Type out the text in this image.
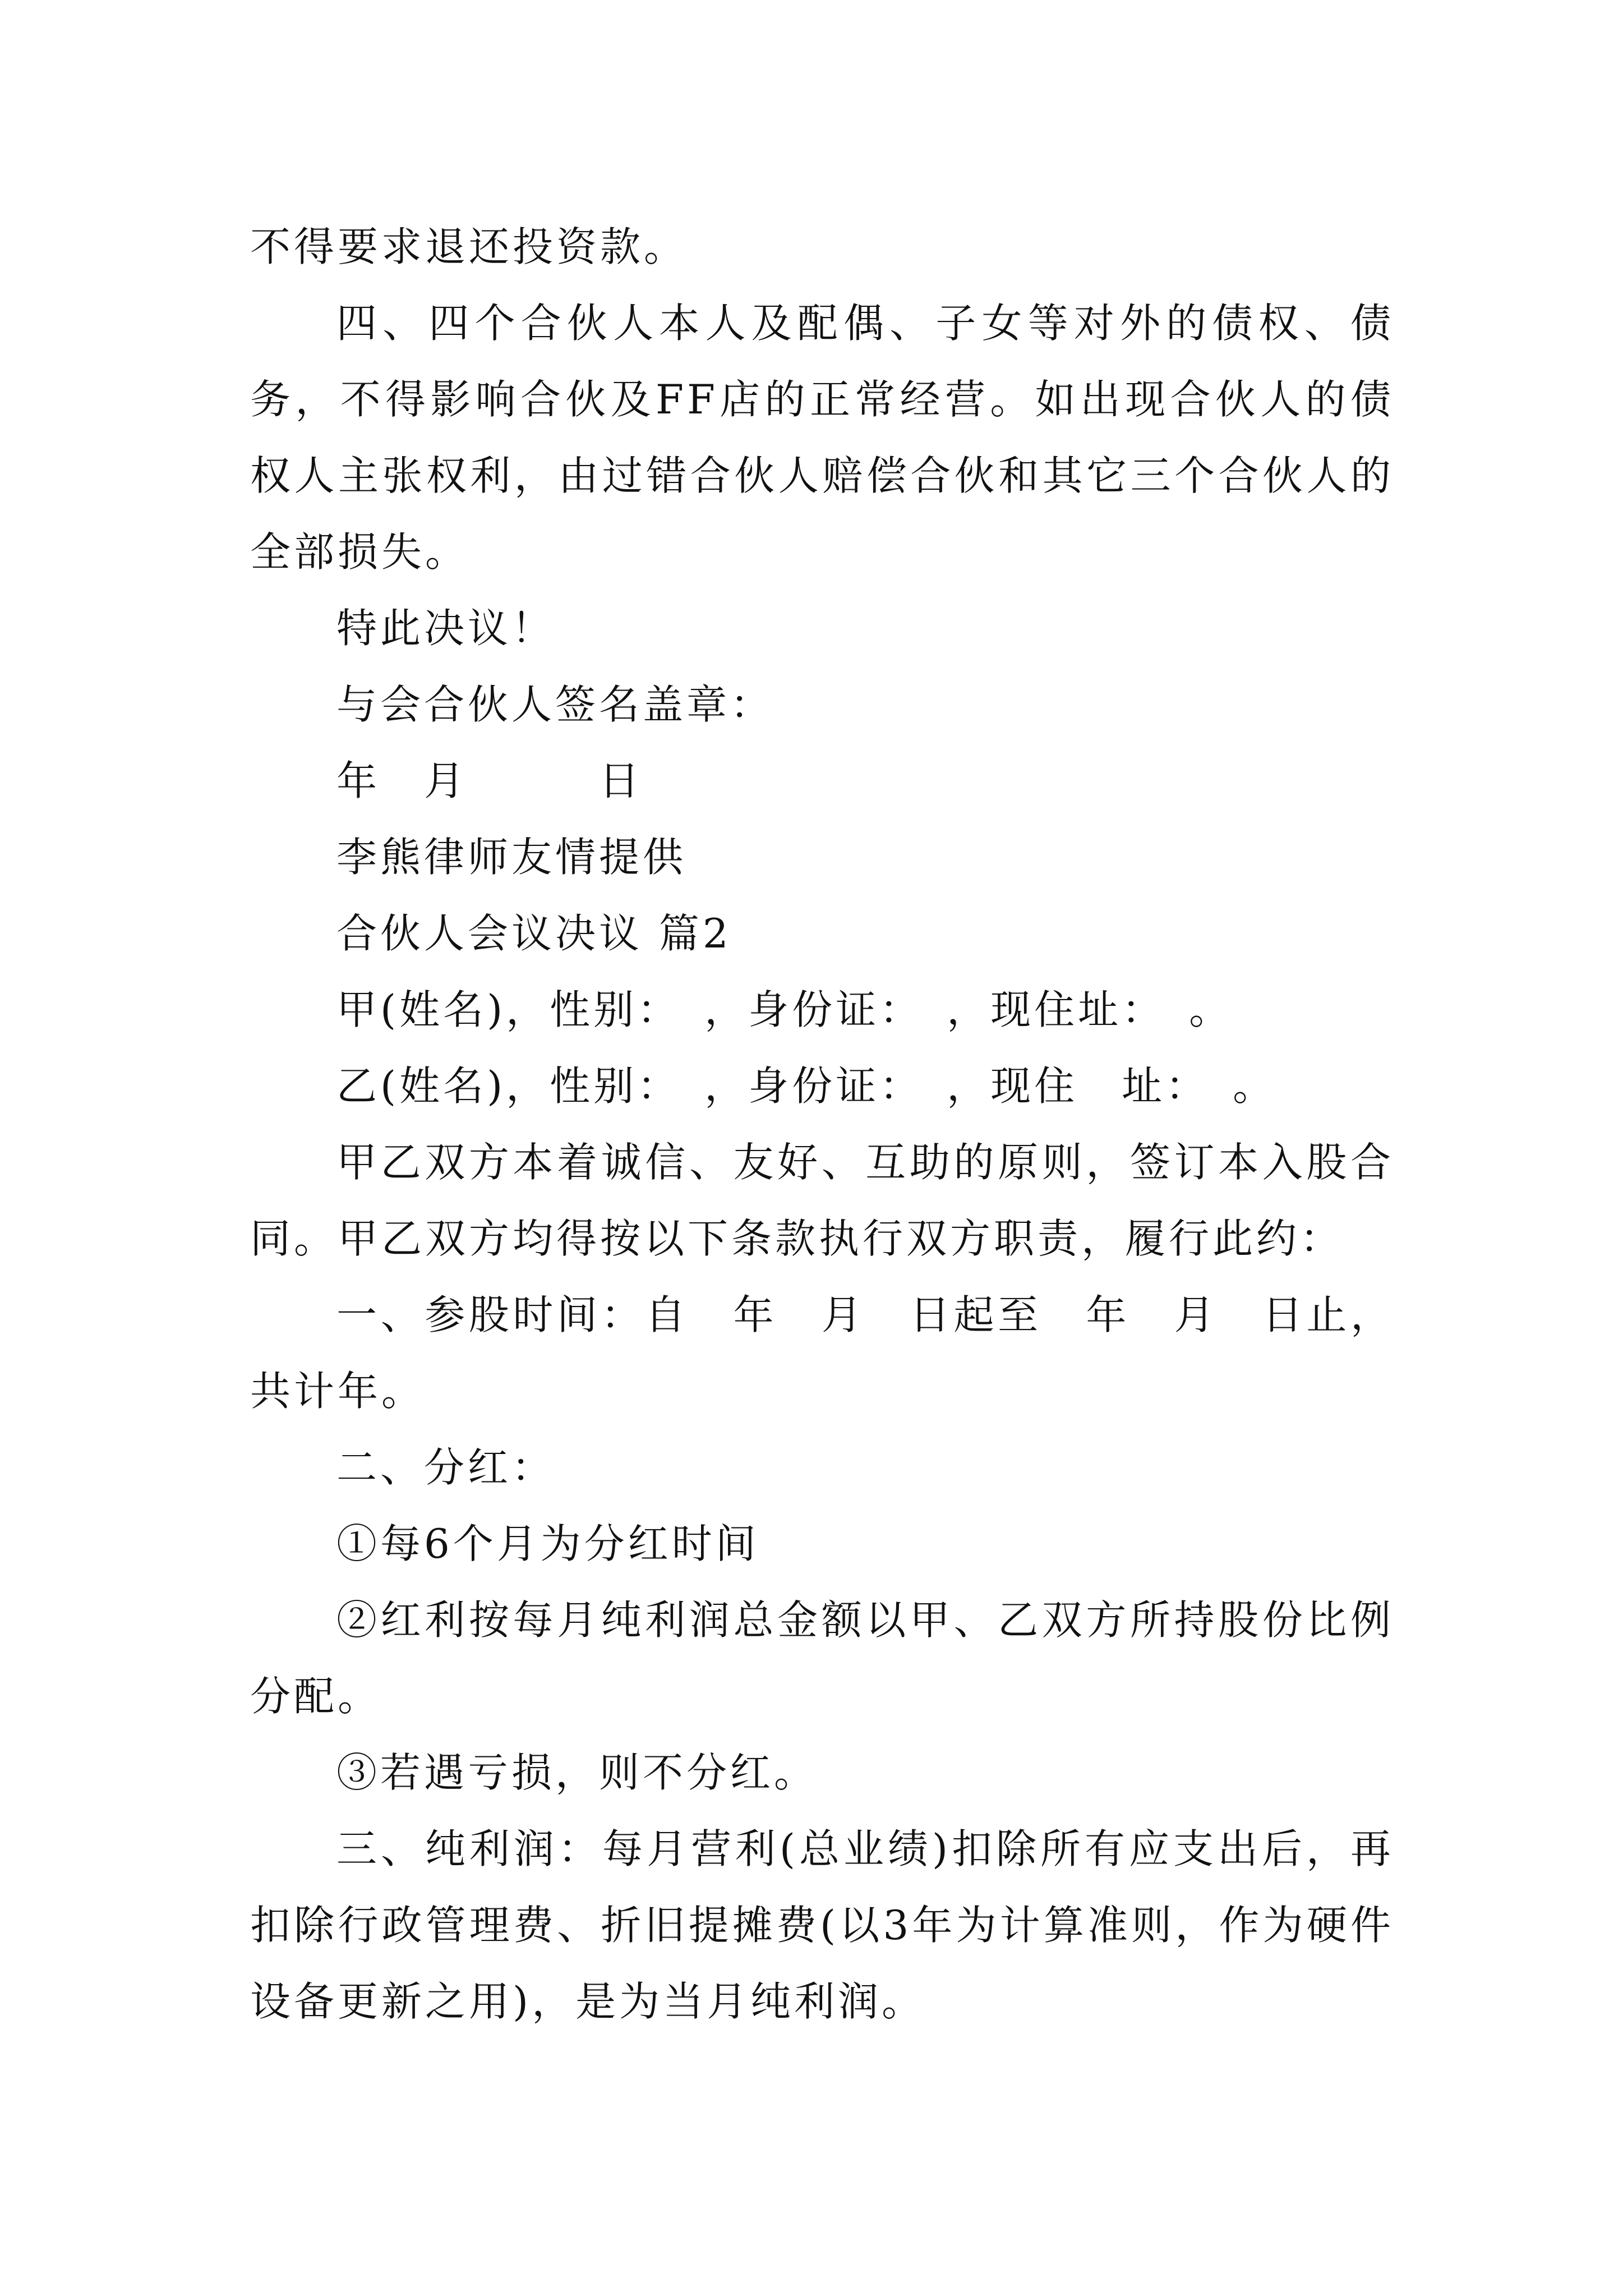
不得要求退还投资款。

四、四个合伙人本人及配偶、子女等对外的债权、债务，不得影响合伙及FF店的正常经营。如出现合伙人的债权人主张权利，由过错合伙人赔偿合伙和其它三个合伙人的全部损失。

特此决议！

与会合伙人签名盖章：

年　月　　　日

李熊律师友情提供

合伙人会议决议 篇2

甲(姓名)，性别：　，身份证：　，现住址：　。

乙(姓名)，性别：　，身份证：　，现住　址：　。

甲乙双方本着诚信、友好、互助的原则，签订本入股合同。甲乙双方均得按以下条款执行双方职责，履行此约：

一、参股时间：自　年　月　日起至　年　月　日止，共计年。

二、分红：

①每6个月为分红时间

②红利按每月纯利润总金额以甲、乙双方所持股份比例分配。

③若遇亏损，则不分红。

三、纯利润：每月营利(总业绩)扣除所有应支出后，再扣除行政管理费、折旧提摊费(以3年为计算准则，作为硬件设备更新之用)，是为当月纯利润。
